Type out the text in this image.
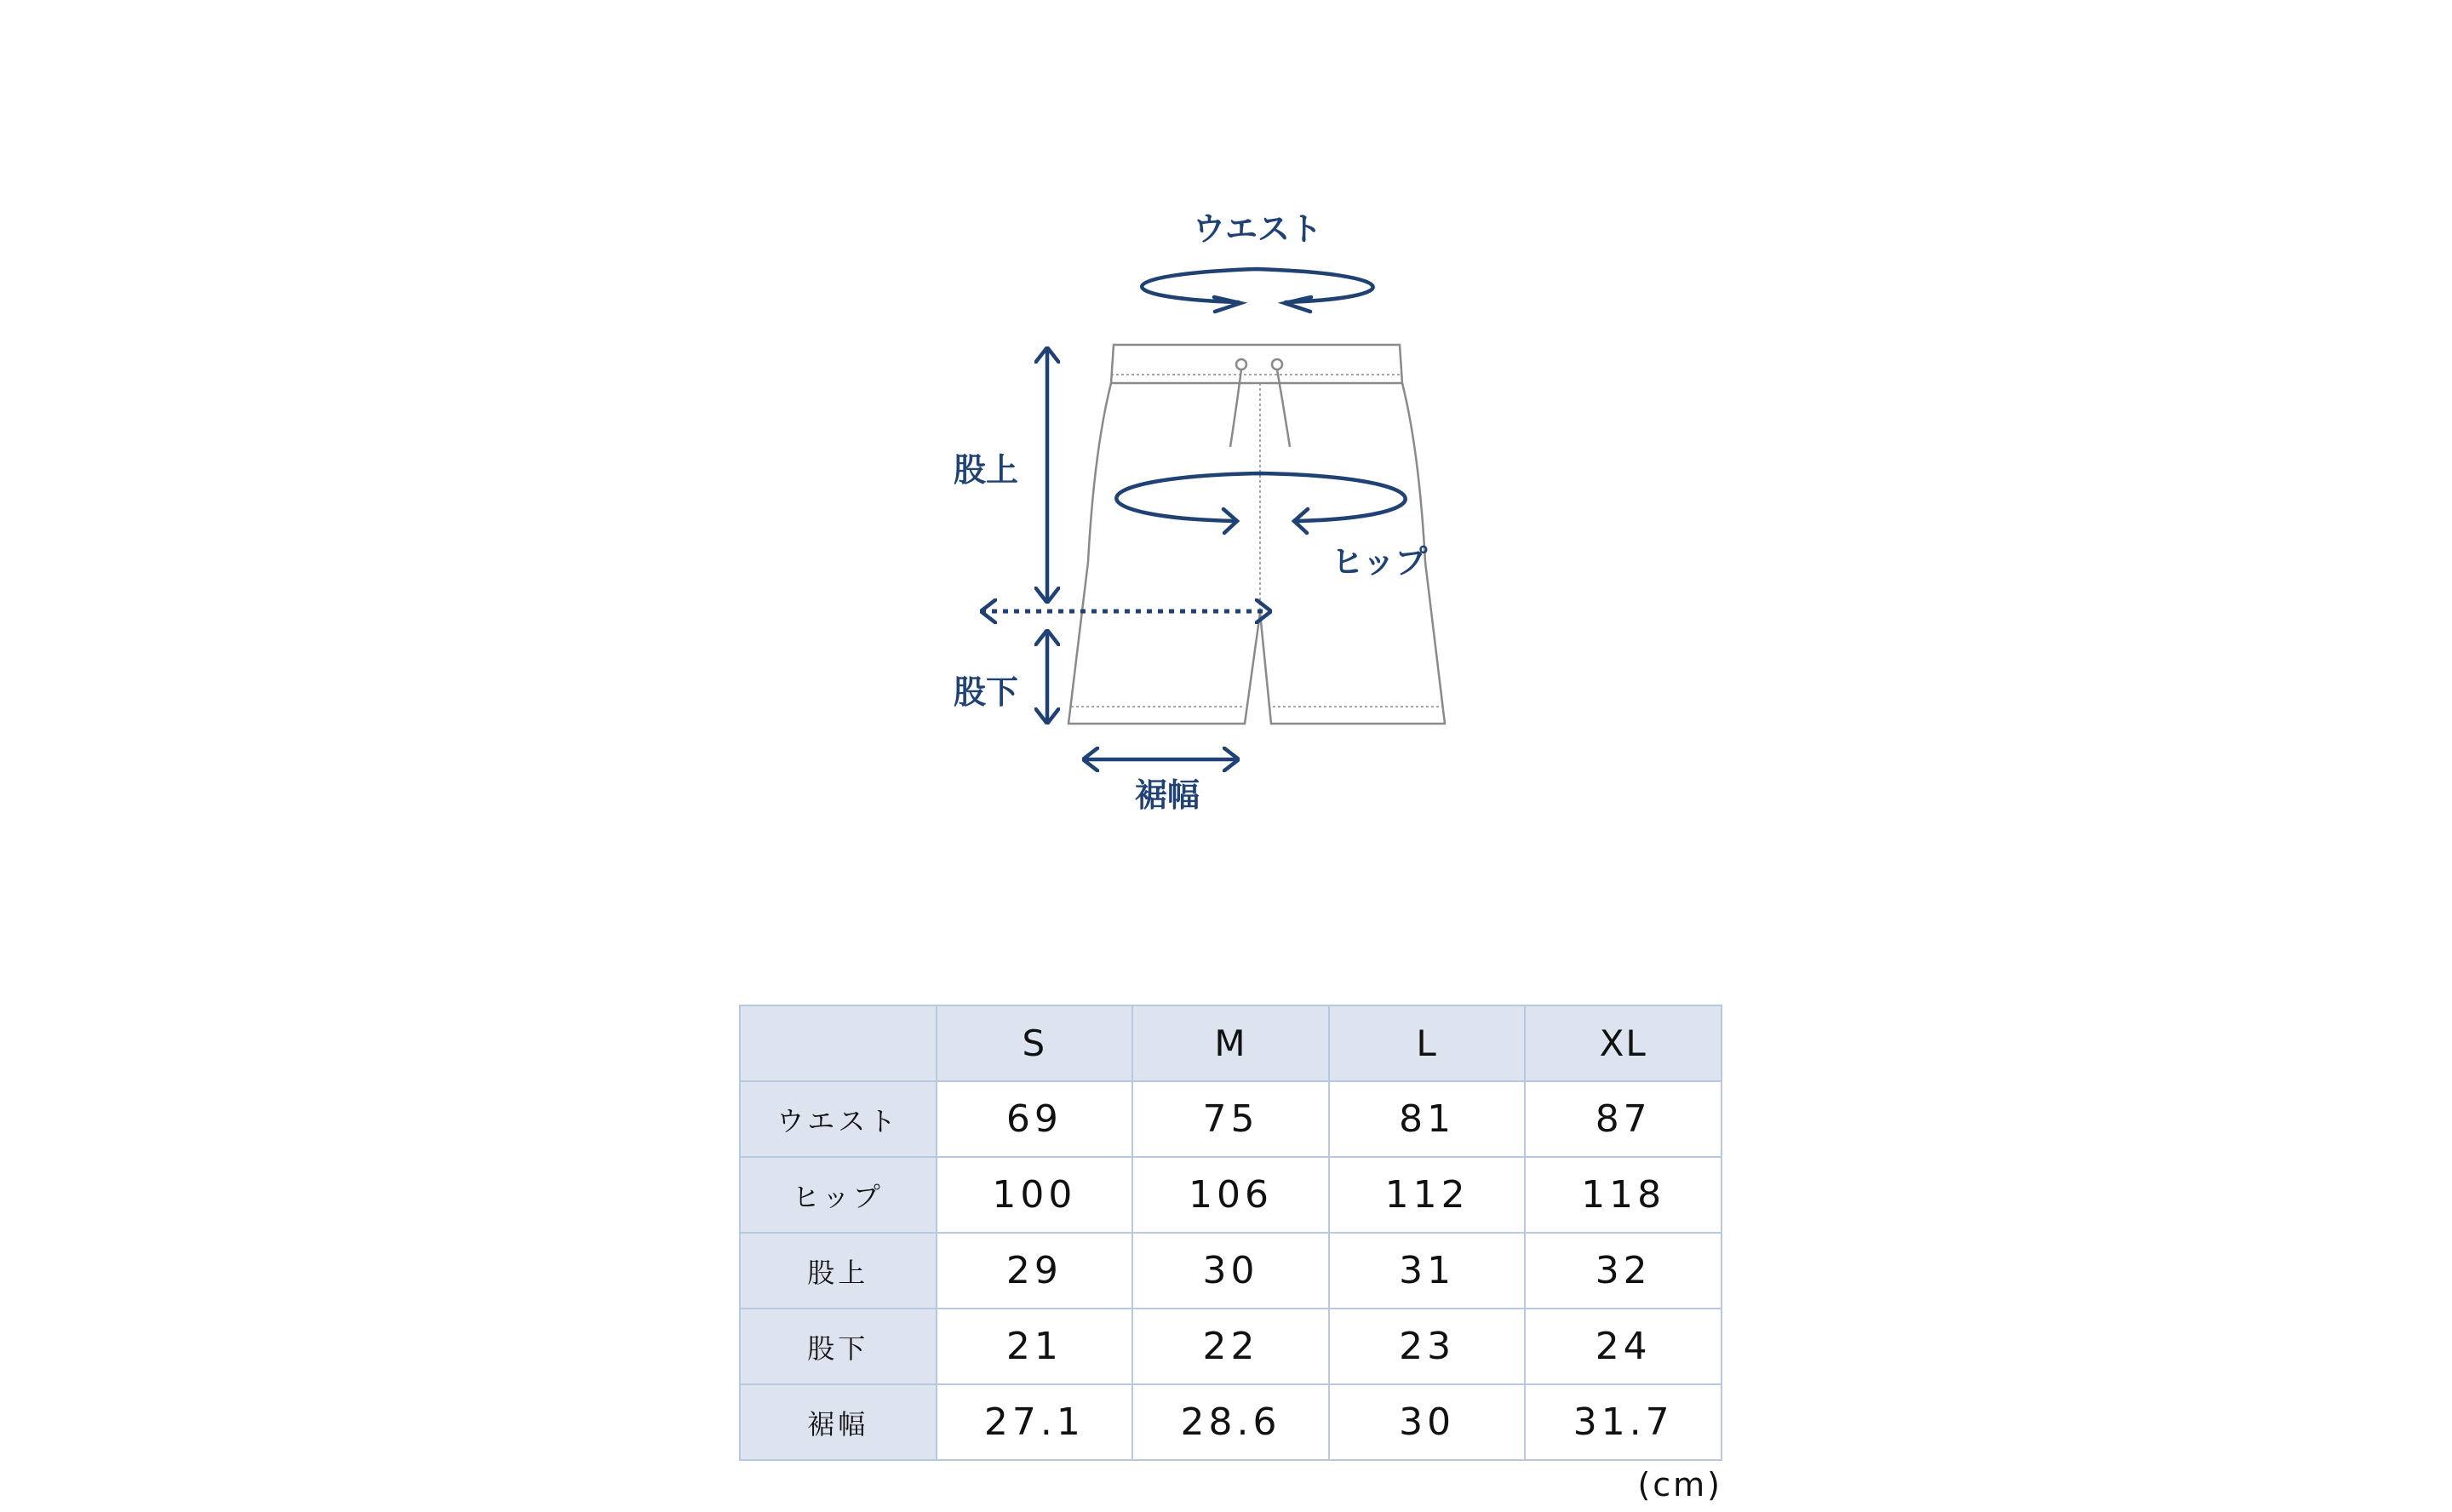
ウエスト
股上
ヒップ
股下
裾幅
	S	M	L	XL
ウエスト	69	75	81	87
ヒップ	100	106	112	118
股上	29	30	31	32
股下	21	22	23	24
裾幅	27.1	28.6	30	31.7
(cm)
